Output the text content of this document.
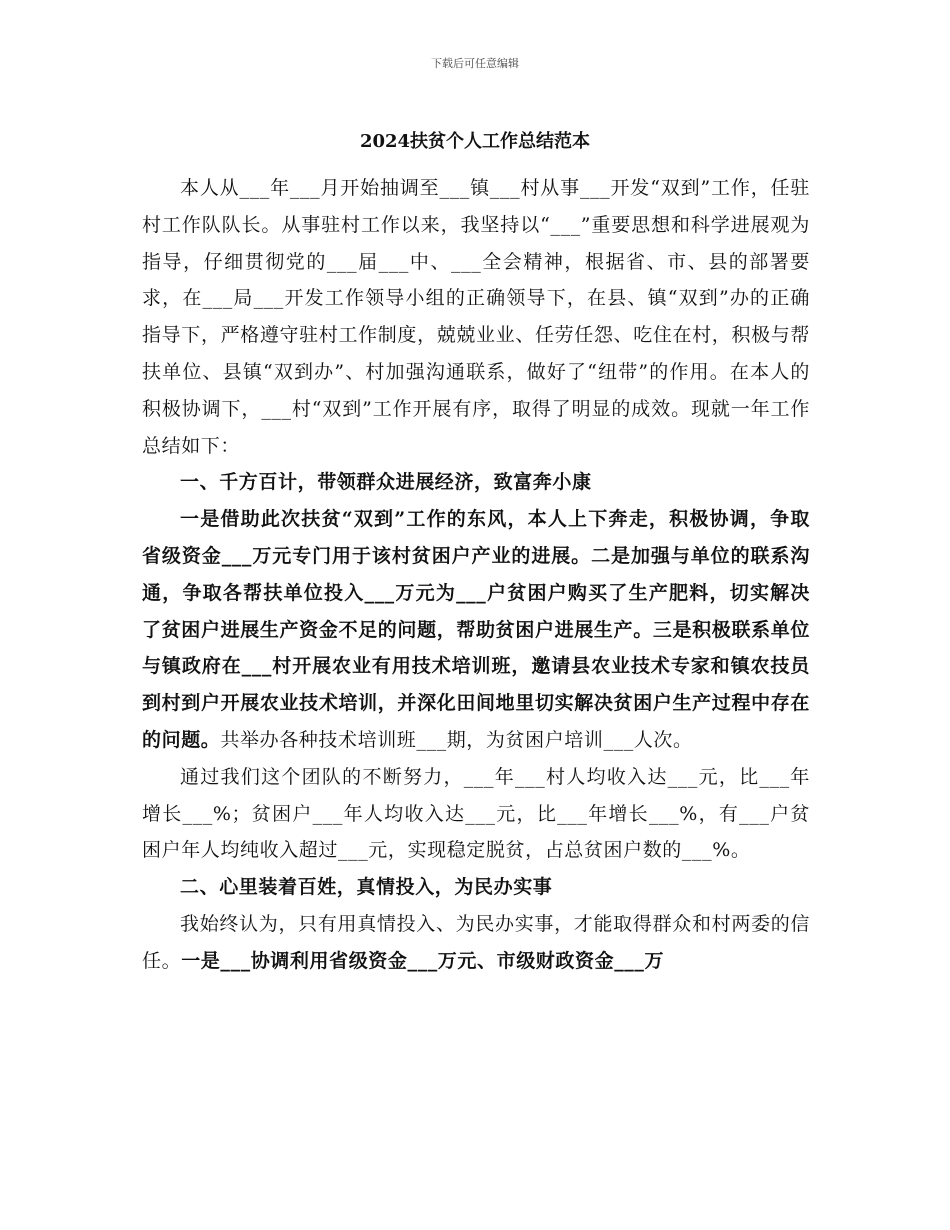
下载后可任意编辑
2024扶贫个人工作总结范本

本人从___年___月开始抽调至___镇___村从事___开发“双到”工作，任驻村工作队队长。从事驻村工作以来，我坚持以“___”重要思想和科学进展观为指导，仔细贯彻党的___届___中、___全会精神，根据省、市、县的部署要求，在___局___开发工作领导小组的正确领导下，在县、镇“双到”办的正确指导下，严格遵守驻村工作制度，兢兢业业、任劳任怨、吃住在村，积极与帮扶单位、县镇“双到办”、村加强沟通联系，做好了“纽带”的作用。在本人的积极协调下，___村“双到”工作开展有序，取得了明显的成效。现就一年工作总结如下：

一、千方百计，带领群众进展经济，致富奔小康

一是借助此次扶贫“双到”工作的东风，本人上下奔走，积极协调，争取省级资金___万元专门用于该村贫困户产业的进展。二是加强与单位的联系沟通，争取各帮扶单位投入___万元为___户贫困户购买了生产肥料，切实解决了贫困户进展生产资金不足的问题，帮助贫困户进展生产。三是积极联系单位与镇政府在___村开展农业有用技术培训班，邀请县农业技术专家和镇农技员到村到户开展农业技术培训，并深化田间地里切实解决贫困户生产过程中存在的问题。共举办各种技术培训班___期，为贫困户培训___人次。

通过我们这个团队的不断努力，___年___村人均收入达___元，比___年增长___%；贫困户___年人均收入达___元，比___年增长___%，有___户贫困户年人均纯收入超过___元，实现稳定脱贫，占总贫困户数的___%。

二、心里装着百姓，真情投入，为民办实事

我始终认为，只有用真情投入、为民办实事，才能取得群众和村两委的信任。一是___协调利用省级资金___万元、市级财政资金___万
